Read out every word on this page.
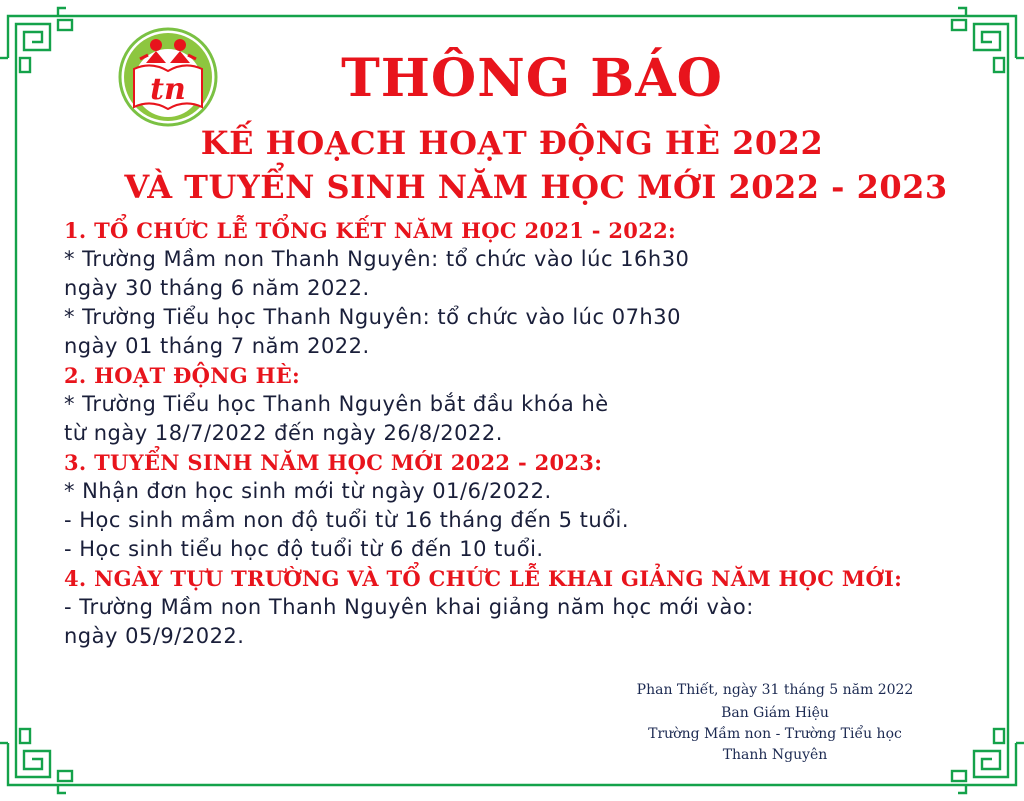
tn	THÔNG BÁO
KẾ HOẠCH HOẠT ĐỘNG HÈ 2022
VÀ TUYỂN SINH NĂM HỌC MỚI 2022 - 2023
1. TỔ CHỨC LỄ TỔNG KẾT NĂM HỌC 2021 - 2022:
* Trường Mầm non Thanh Nguyên: tổ chức vào lúc 16h30
ngày 30 tháng 6 năm 2022.
* Trường Tiểu học Thanh Nguyên: tổ chức vào lúc 07h30
ngày 01 tháng 7 năm 2022.
2. HOẠT ĐỘNG HÈ:
* Trường Tiểu học Thanh Nguyên bắt đầu khóa hè
từ ngày 18/7/2022 đến ngày 26/8/2022.
3. TUYỂN SINH NĂM HỌC MỚI 2022 - 2023:
* Nhận đơn học sinh mới từ ngày 01/6/2022.
- Học sinh mầm non độ tuổi từ 16 tháng đến 5 tuổi.
- Học sinh tiểu học độ tuổi từ 6 đến 10 tuổi.
4. NGÀY TỰU TRƯỜNG VÀ TỔ CHỨC LỄ KHAI GIẢNG NĂM HỌC MỚI:
- Trường Mầm non Thanh Nguyên khai giảng năm học mới vào:
ngày 05/9/2022.
Phan Thiết, ngày 31 tháng 5 năm 2022
Ban Giám Hiệu
Trường Mầm non - Trường Tiểu học
Thanh Nguyên
